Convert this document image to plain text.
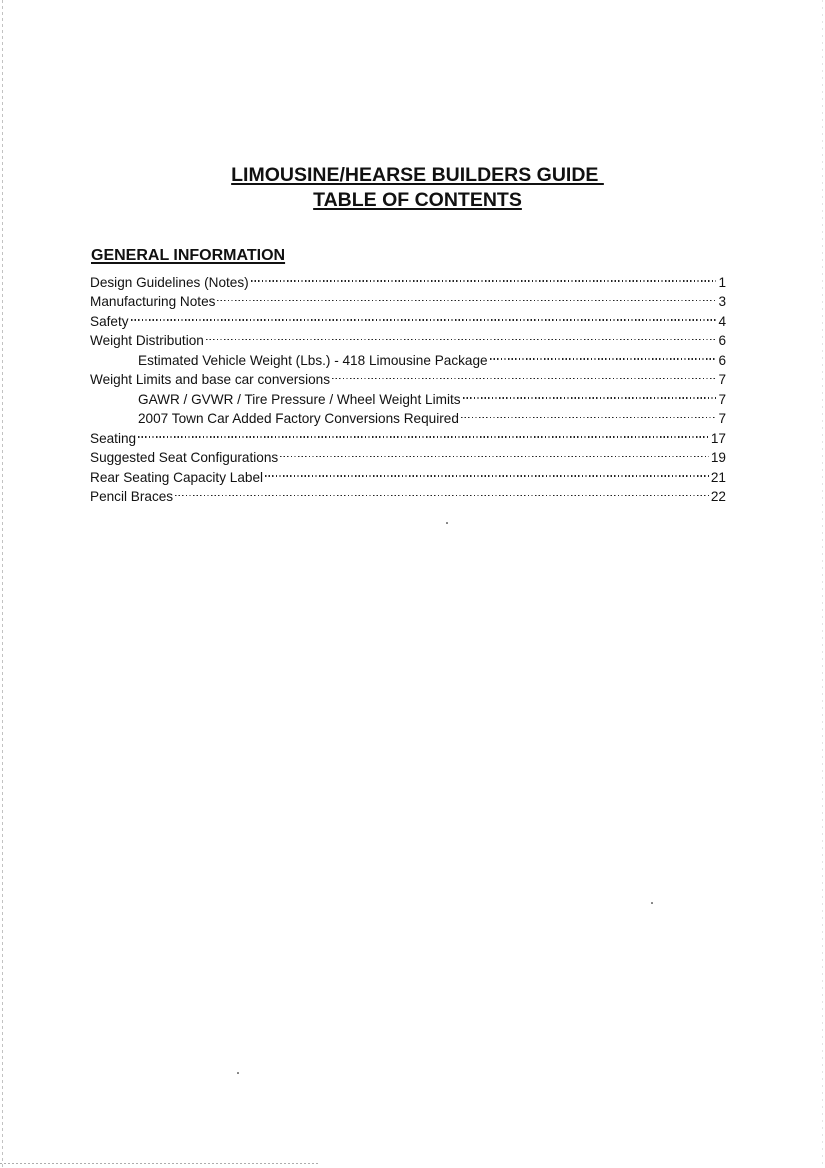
LIMOUSINE/HEARSE BUILDERS GUIDE
TABLE OF CONTENTS
GENERAL INFORMATION
Design Guidelines (Notes)	1
Manufacturing Notes	3
Safety	4
Weight Distribution	6
Estimated Vehicle Weight (Lbs.) - 418 Limousine Package	6
Weight Limits and base car conversions	7
GAWR / GVWR / Tire Pressure / Wheel Weight Limits	7
2007 Town Car Added Factory Conversions Required	7
Seating	17
Suggested Seat Configurations	19
Rear Seating Capacity Label	21
Pencil Braces	22
